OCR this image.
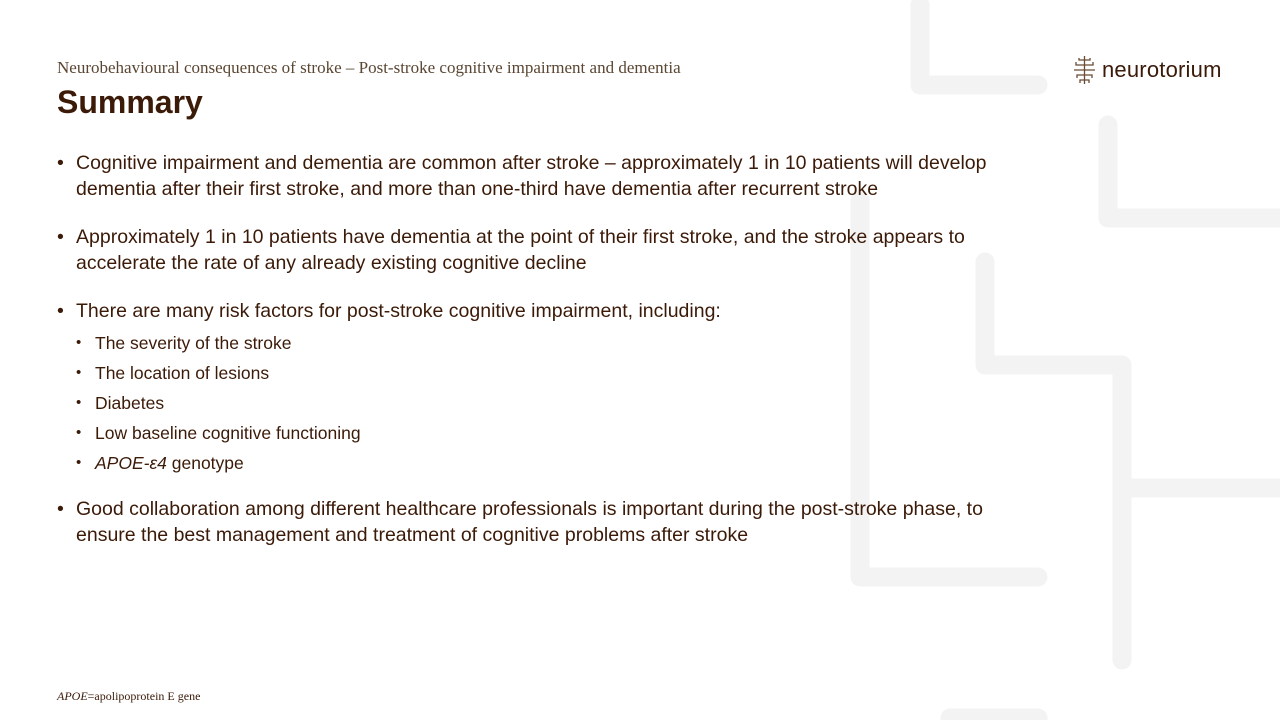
Neurobehavioural consequences of stroke – Post-stroke cognitive impairment and dementia
Summary
neurotorium

• Cognitive impairment and dementia are common after stroke – approximately 1 in 10 patients will develop dementia after their first stroke, and more than one-third have dementia after recurrent stroke

• Approximately 1 in 10 patients have dementia at the point of their first stroke, and the stroke appears to accelerate the rate of any already existing cognitive decline

• There are many risk factors for post-stroke cognitive impairment, including:

• The severity of the stroke
• The location of lesions
• Diabetes
• Low baseline cognitive functioning
• APOE-ε4 genotype

• Good collaboration among different healthcare professionals is important during the post-stroke phase, to ensure the best management and treatment of cognitive problems after stroke

APOE=apolipoprotein E gene
